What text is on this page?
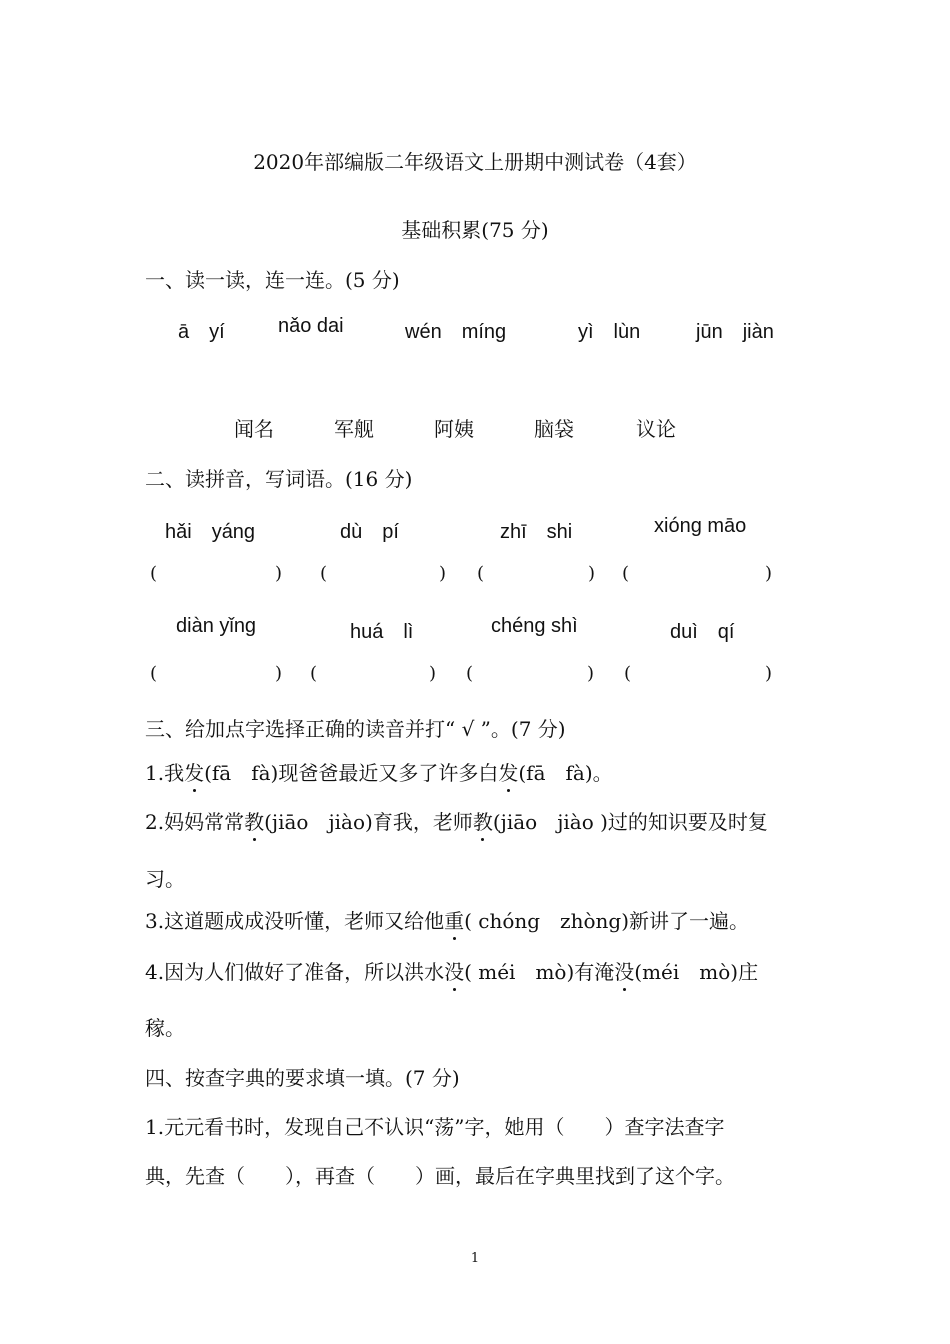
2020年部编版二年级语文上册期中测试卷（4套）
基础积累(75 分)
一、读一读，连一连。(5 分)
ā　yí	nǎo dai	wén　míng	yì　lùn	jūn　jiàn
闻名	军舰	阿姨	脑袋	议论
二、读拼音，写词语。(16 分)
hǎi　yáng	dù　pí	zhī　shi	xióng māo
(	) (	) (	) (	)
diàn yǐng	huá　lì	chéng shì	duì　qí
(	) (	) (	) (	)
三、给加点字选择正确的读音并打“ √ ”。(7 分)
1.我发(fā　fà)现爸爸最近又多了许多白发(fā　fà)。
2.妈妈常常教(jiāo　jiào)育我，老师教(jiāo　jiào )过的知识要及时复
习。
3.这道题成成没听懂，老师又给他重( chóng　zhòng)新讲了一遍。
4.因为人们做好了准备，所以洪水没( méi　mò)有淹没(méi　mò)庄
稼。
四、按查字典的要求填一填。(7 分)
1.元元看书时，发现自己不认识“荡”字，她用（　　）查字法查字
典，先查（　　），再查（　　）画，最后在字典里找到了这个字。
1
